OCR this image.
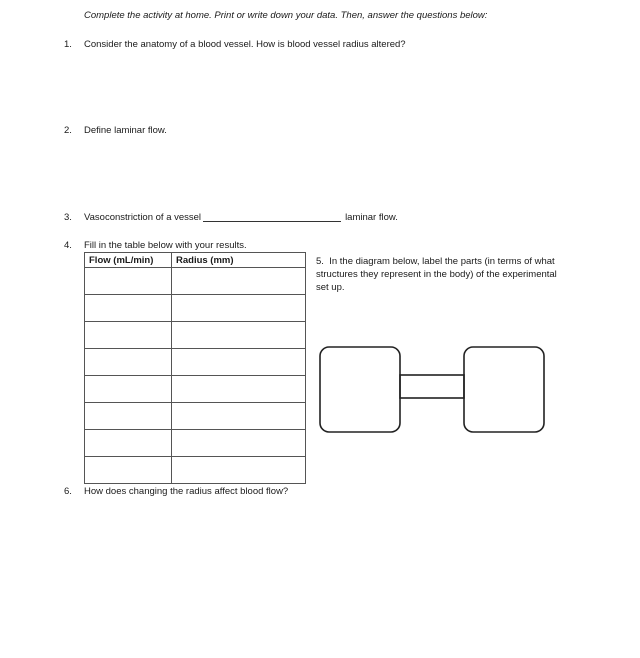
Complete the activity at home. Print or write down your data. Then, answer the questions below:
1.	Consider the anatomy of a blood vessel. How is blood vessel radius altered?
2.	Define laminar flow.
3.	Vasoconstriction of a vessel	laminar flow.
4.	Fill in the table below with your results.
Flow (mL/min)	Radius (mm)

		5. In the diagram below, label the parts (in terms of what structures they represent in the body) of the experimental set up.
6.	How does changing the radius affect blood flow?
